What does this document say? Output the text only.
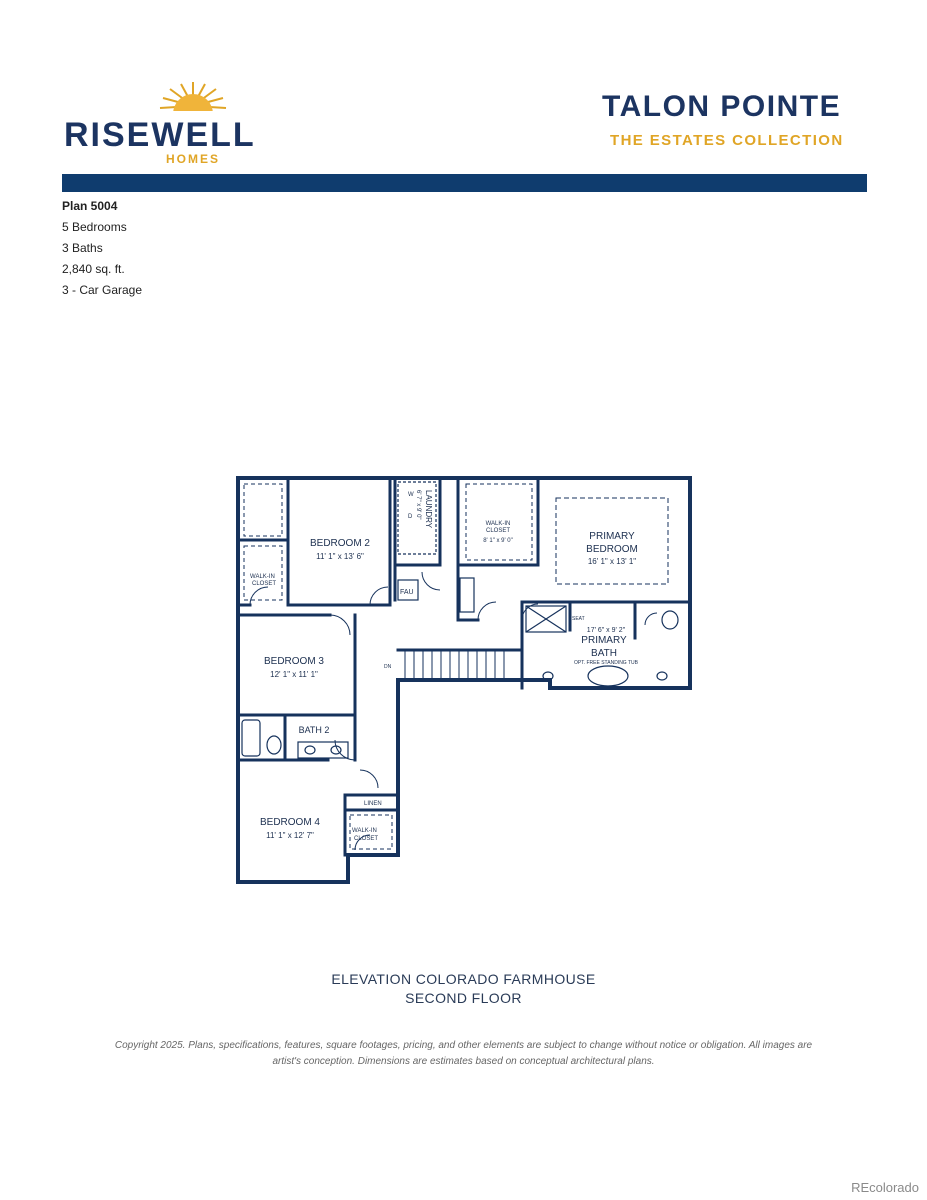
RISEWELL
HOMES
TALON POINTE
THE ESTATES COLLECTION
Plan 5004
5 Bedrooms
3 Baths
2,840 sq. ft.
3 - Car Garage
BEDROOM 2
11' 1" x 13' 6"
BEDROOM 3
12' 1" x 11' 1"
BEDROOM 4
11' 1" x 12' 7"
PRIMARY
BEDROOM
16' 1" x 13' 1"
17' 6" x 9' 2"
PRIMARY
BATH
OPT. FREE STANDING TUB
BATH 2
LAUNDRY
6' 7" x 9' 0"
WALK-IN
CLOSET
8' 1" x 9' 0"
WALK-IN
CLOSET
WALK-IN
CLOSET
FAU
LINEN
SEAT
DN
W
D
ELEVATION COLORADO FARMHOUSE
SECOND FLOOR
Copyright 2025. Plans, specifications, features, square footages, pricing, and other elements are subject to change without notice or obligation. All images are artist's conception. Dimensions are estimates based on conceptual architectural plans.
REcolorado
